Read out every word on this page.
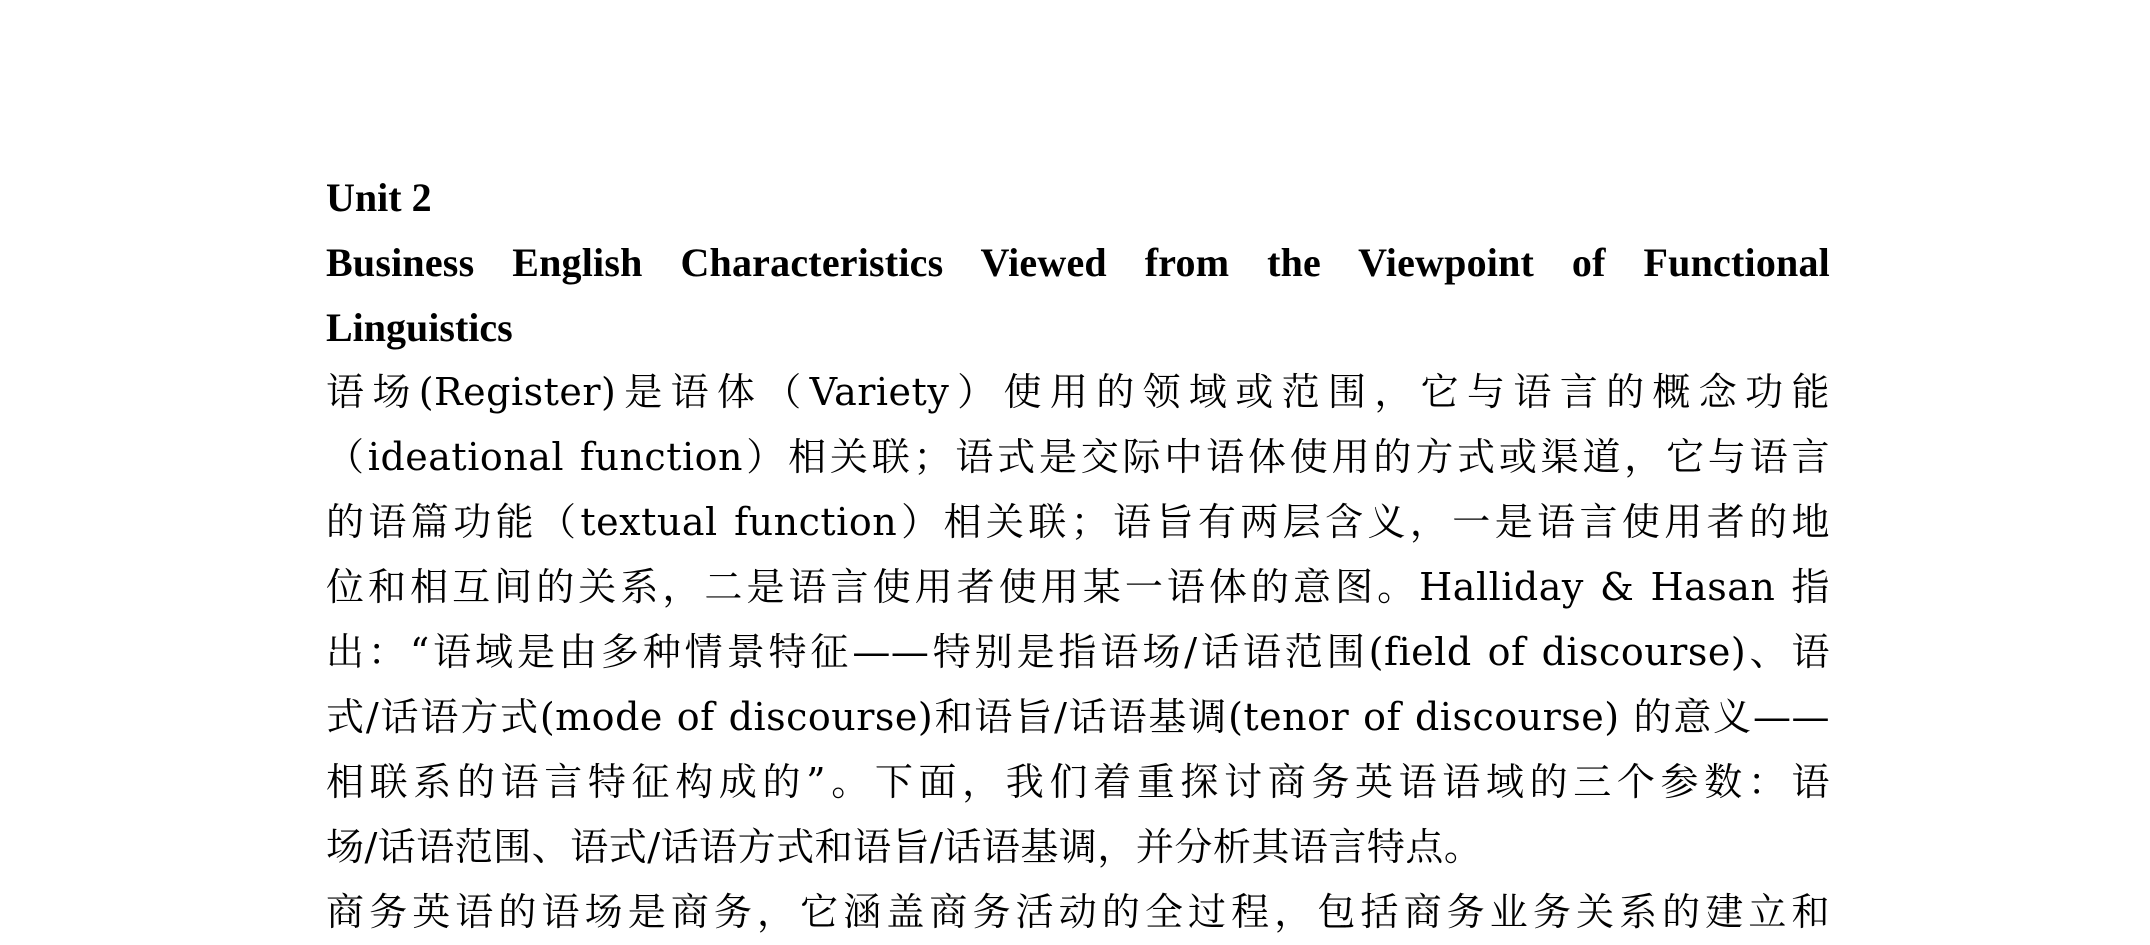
Unit 2
Business English Characteristics Viewed from the Viewpoint of Functional
Linguistics
语场(Register)是语体（Variety）使用的领域或范围，它与语言的概念功能
（ideational function）相关联；语式是交际中语体使用的方式或渠道，它与语言
的语篇功能（textual function）相关联；语旨有两层含义，一是语言使用者的地
位和相互间的关系，二是语言使用者使用某一语体的意图。Halliday & Hasan 指
出：“语域是由多种情景特征——特别是指语场/话语范围(field of discourse)、语
式/话语方式(mode of discourse)和语旨/话语基调(tenor of discourse) 的意义——
相联系的语言特征构成的”。下面，我们着重探讨商务英语语域的三个参数：语
场/话语范围、语式/话语方式和语旨/话语基调，并分析其语言特点。
商务英语的语场是商务，它涵盖商务活动的全过程，包括商务业务关系的建立和
